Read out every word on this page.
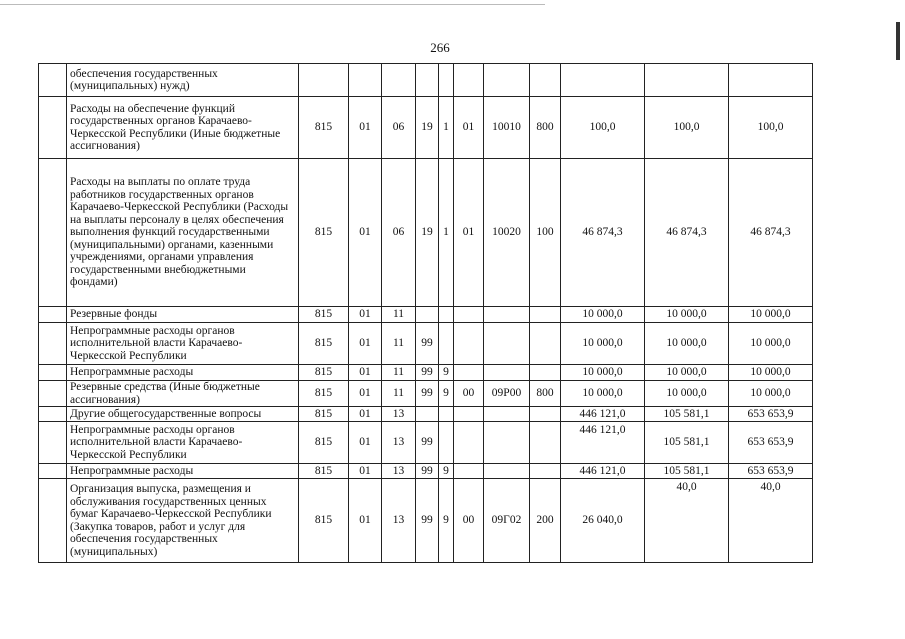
266
	обеспечения государственных (муниципальных) нужд)											
	Расходы на обеспечение функций государственных органов Карачаево-Черкесской Республики (Иные бюджетные ассигнования)	815	01	06	19	1	01	10010	800	100,0	100,0	100,0
	Расходы на выплаты по оплате труда работников государственных органов Карачаево-Черкесской Республики (Расходы на выплаты персоналу в целях обеспечения выполнения функций государственными (муниципальными) органами, казенными учреждениями, органами управления государственными внебюджетными фондами)	815	01	06	19	1	01	10020	100	46 874,3	46 874,3	46 874,3
	Резервные фонды	815	01	11						10 000,0	10 000,0	10 000,0
	Непрограммные расходы органов исполнительной власти Карачаево-Черкесской Республики	815	01	11	99					10 000,0	10 000,0	10 000,0
	Непрограммные расходы	815	01	11	99	9				10 000,0	10 000,0	10 000,0
	Резервные средства (Иные бюджетные ассигнования)	815	01	11	99	9	00	09Р00	800	10 000,0	10 000,0	10 000,0
	Другие общегосударственные вопросы	815	01	13						446 121,0	105 581,1	653 653,9
	Непрограммные расходы органов исполнительной власти Карачаево-Черкесской Республики	815	01	13	99					446 121,0	105 581,1	653 653,9
	Непрограммные расходы	815	01	13	99	9				446 121,0	105 581,1	653 653,9
	Организация выпуска, размещения и обслуживания государственных ценных бумаг Карачаево-Черкесской Республики (Закупка товаров, работ и услуг для обеспечения государственных (муниципальных)	815	01	13	99	9	00	09Г02	200	26 040,0	40,0	40,0
